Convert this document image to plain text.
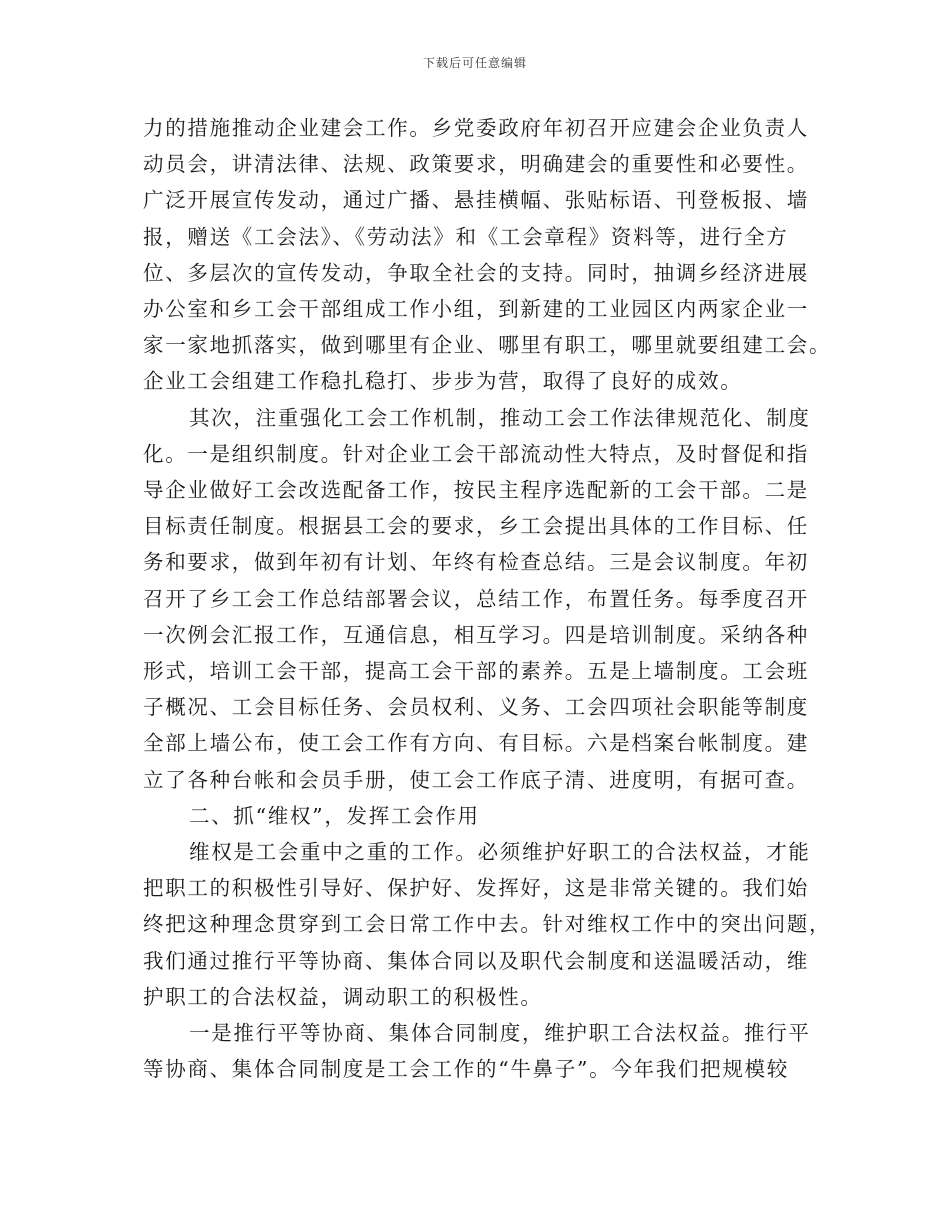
下载后可任意编辑

力的措施推动企业建会工作。乡党委政府年初召开应建会企业负责人
动员会，讲清法律、法规、政策要求，明确建会的重要性和必要性。
广泛开展宣传发动，通过广播、悬挂横幅、张贴标语、刊登板报、墙
报，赠送《工会法》、《劳动法》和《工会章程》资料等，进行全方
位、多层次的宣传发动，争取全社会的支持。同时，抽调乡经济进展
办公室和乡工会干部组成工作小组，到新建的工业园区内两家企业一
家一家地抓落实，做到哪里有企业、哪里有职工，哪里就要组建工会。
企业工会组建工作稳扎稳打、步步为营，取得了良好的成效。

其次，注重强化工会工作机制，推动工会工作法律规范化、制度
化。一是组织制度。针对企业工会干部流动性大特点，及时督促和指
导企业做好工会改选配备工作，按民主程序选配新的工会干部。二是
目标责任制度。根据县工会的要求，乡工会提出具体的工作目标、任
务和要求，做到年初有计划、年终有检查总结。三是会议制度。年初
召开了乡工会工作总结部署会议，总结工作，布置任务。每季度召开
一次例会汇报工作，互通信息，相互学习。四是培训制度。采纳各种
形式，培训工会干部，提高工会干部的素养。五是上墙制度。工会班
子概况、工会目标任务、会员权利、义务、工会四项社会职能等制度
全部上墙公布，使工会工作有方向、有目标。六是档案台帐制度。建
立了各种台帐和会员手册，使工会工作底子清、进度明，有据可查。

二、抓“维权”，发挥工会作用

维权是工会重中之重的工作。必须维护好职工的合法权益，才能
把职工的积极性引导好、保护好、发挥好，这是非常关键的。我们始
终把这种理念贯穿到工会日常工作中去。针对维权工作中的突出问题，
我们通过推行平等协商、集体合同以及职代会制度和送温暖活动，维
护职工的合法权益，调动职工的积极性。

一是推行平等协商、集体合同制度，维护职工合法权益。推行平
等协商、集体合同制度是工会工作的“牛鼻子”。今年我们把规模较
